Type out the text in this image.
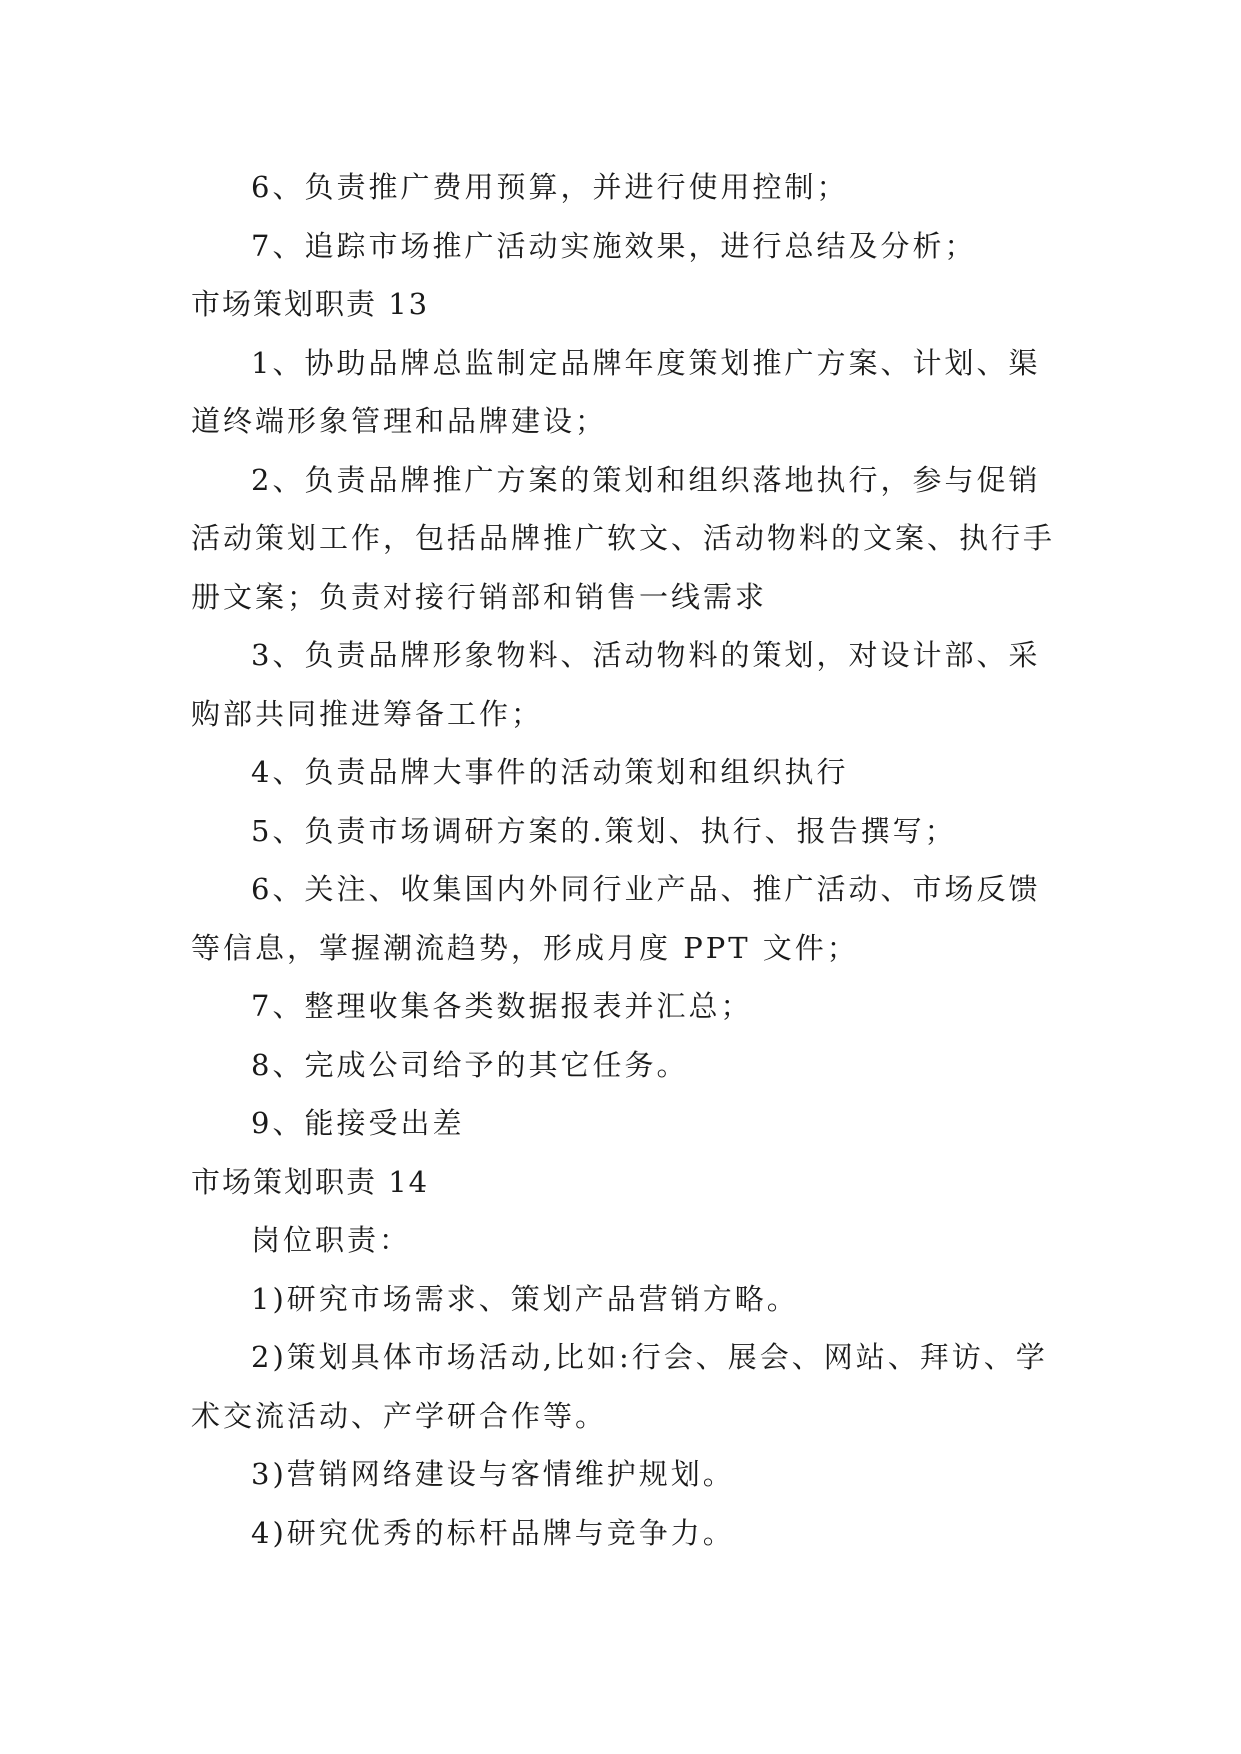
6、负责推广费用预算，并进行使用控制；

7、追踪市场推广活动实施效果，进行总结及分析；

市场策划职责 13

1、协助品牌总监制定品牌年度策划推广方案、计划、渠道终端形象管理和品牌建设；

2、负责品牌推广方案的策划和组织落地执行，参与促销活动策划工作，包括品牌推广软文、活动物料的文案、执行手册文案；负责对接行销部和销售一线需求

3、负责品牌形象物料、活动物料的策划，对设计部、采购部共同推进筹备工作；

4、负责品牌大事件的活动策划和组织执行

5、负责市场调研方案的.策划、执行、报告撰写；

6、关注、收集国内外同行业产品、推广活动、市场反馈等信息，掌握潮流趋势，形成月度 PPT 文件；

7、整理收集各类数据报表并汇总；

8、完成公司给予的其它任务。

9、能接受出差

市场策划职责 14

岗位职责：

1)研究市场需求、策划产品营销方略。

2)策划具体市场活动,比如:行会、展会、网站、拜访、学术交流活动、产学研合作等。

3)营销网络建设与客情维护规划。

4)研究优秀的标杆品牌与竞争力。
